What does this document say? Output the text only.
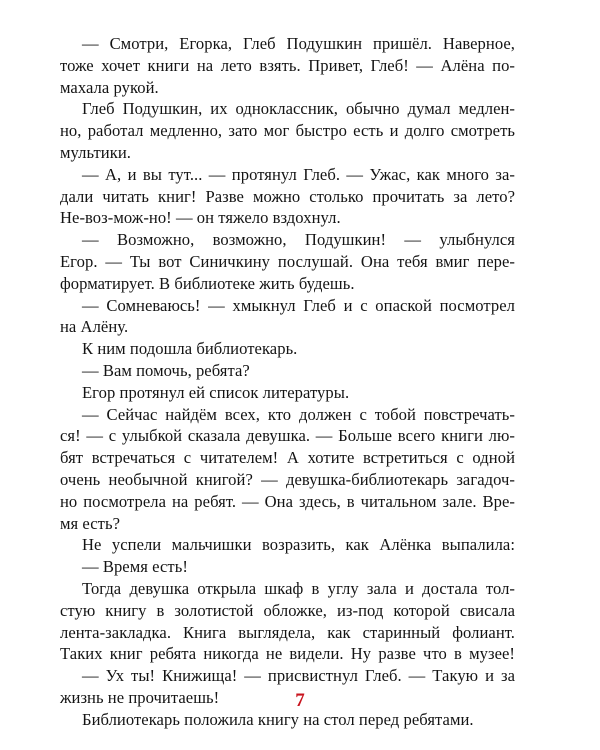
— Смотри, Егорка, Глеб Подушкин пришёл. Наверное,
тоже хочет книги на лето взять. Привет, Глеб! — Алёна по-
махала рукой.
Глеб Подушкин, их одноклассник, обычно думал медлен-
но, работал медленно, зато мог быстро есть и долго смотреть
мультики.
— А, и вы тут... — протянул Глеб. — Ужас, как много за-
дали читать книг! Разве можно столько прочитать за лето?
Не-воз-мож-но! — он тяжело вздохнул.
— Возможно, возможно, Подушкин! — улыбнулся
Егор. — Ты вот Синичкину послушай. Она тебя вмиг пере-
форматирует. В библиотеке жить будешь.
— Сомневаюсь! — хмыкнул Глеб и с опаской посмотрел
на Алёну.
К ним подошла библиотекарь.
— Вам помочь, ребята?
Егор протянул ей список литературы.
— Сейчас найдём всех, кто должен с тобой повстречать-
ся! — с улыбкой сказала девушка. — Больше всего книги лю-
бят встречаться с читателем! А хотите встретиться с одной
очень необычной книгой? — девушка-библиотекарь загадоч-
но посмотрела на ребят. — Она здесь, в читальном зале. Вре-
мя есть?
Не успели мальчишки возразить, как Алёнка выпалила:
— Время есть!
Тогда девушка открыла шкаф в углу зала и достала тол-
стую книгу в золотистой обложке, из-под которой свисала
лента-закладка. Книга выглядела, как старинный фолиант.
Таких книг ребята никогда не видели. Ну разве что в музее!
— Ух ты! Книжища! — присвистнул Глеб. — Такую и за
жизнь не прочитаешь!
Библиотекарь положила книгу на стол перед ребятами.
7
